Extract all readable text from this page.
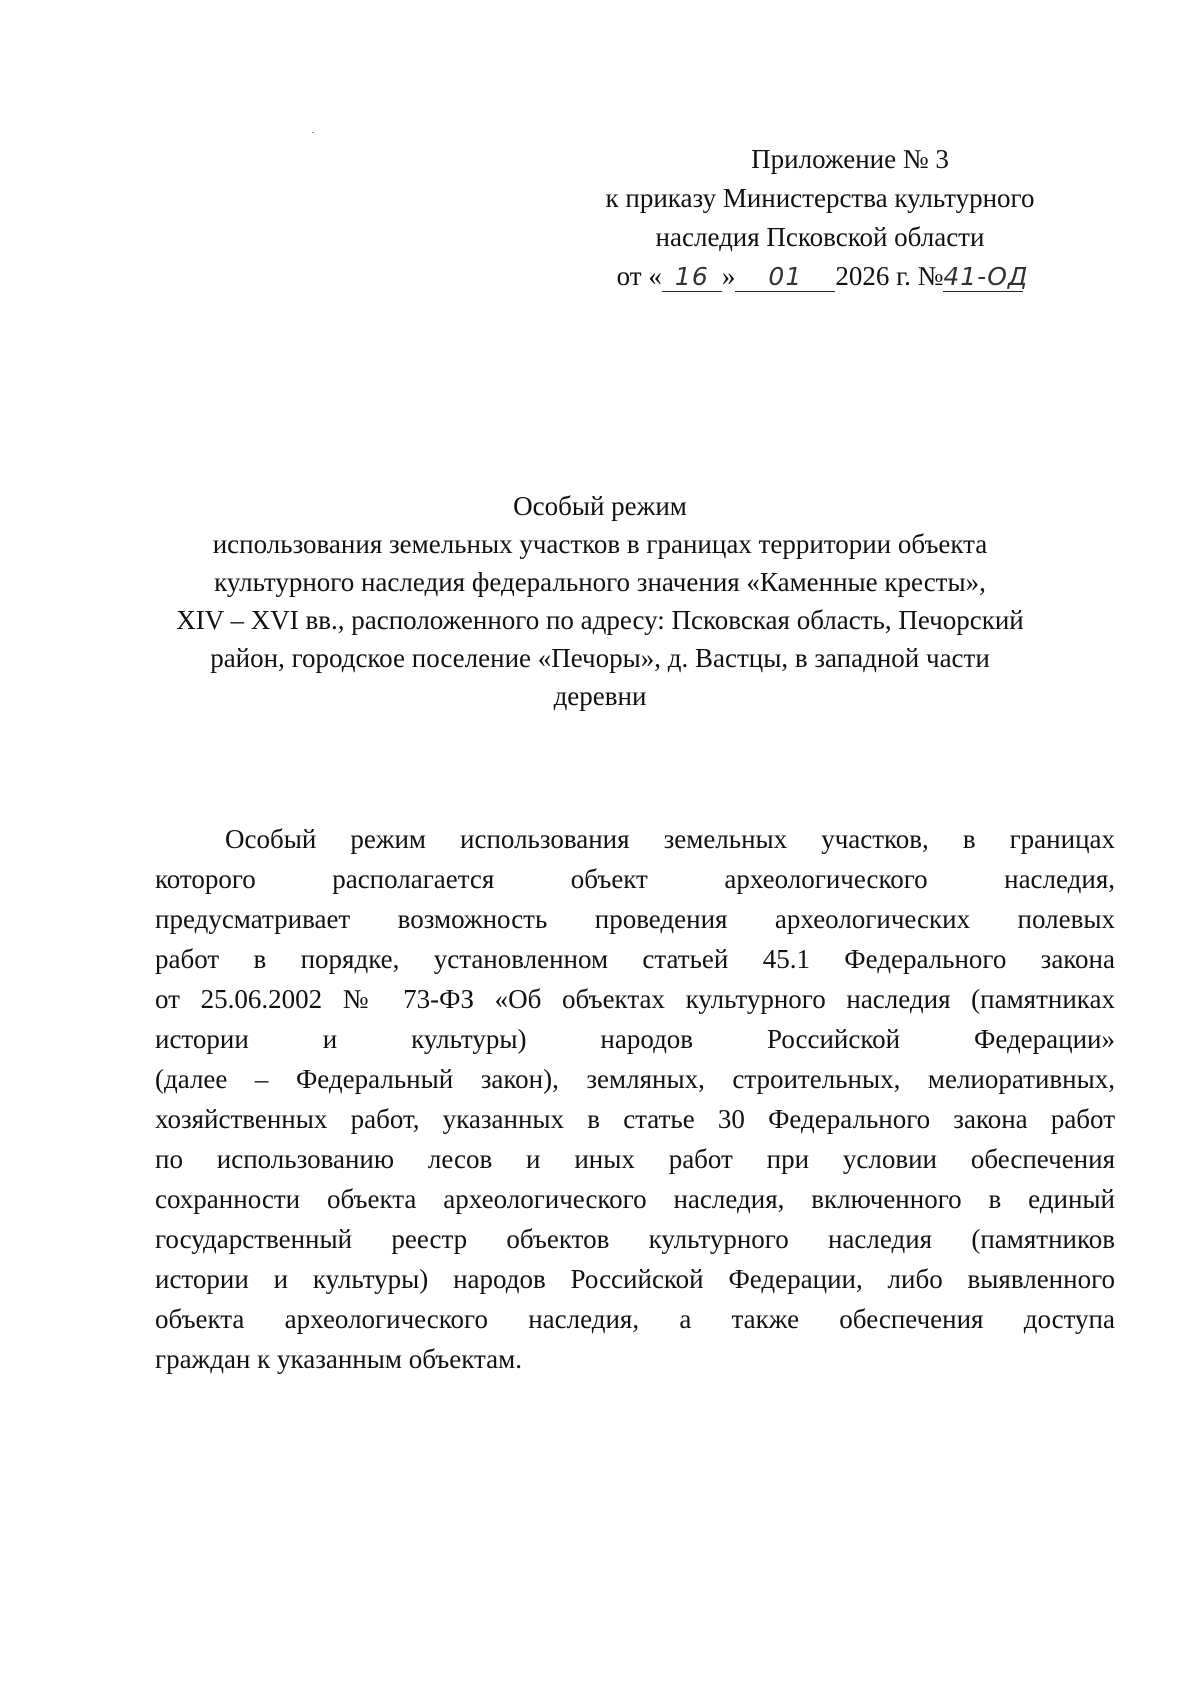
Приложение № 3
к приказу Министерства культурного
наследия Псковской области
от « 16 » 01 2026 г. №41-ОД
Особый режим
использования земельных участков в границах территории объекта
культурного наследия федерального значения «Каменные кресты»,
XIV – XVI вв., расположенного по адресу: Псковская область, Печорский
район, городское поселение «Печоры», д. Вастцы, в западной части
деревни
Особый режим использования земельных участков, в границах
которого располагается объект археологического наследия,
предусматривает возможность проведения археологических полевых
работ в порядке, установленном статьей 45.1 Федерального закона
от 25.06.2002 № 73-ФЗ «Об объектах культурного наследия (памятниках
истории и культуры) народов Российской Федерации»
(далее – Федеральный закон), земляных, строительных, мелиоративных,
хозяйственных работ, указанных в статье 30 Федерального закона работ
по использованию лесов и иных работ при условии обеспечения
сохранности объекта археологического наследия, включенного в единый
государственный реестр объектов культурного наследия (памятников
истории и культуры) народов Российской Федерации, либо выявленного
объекта археологического наследия, а также обеспечения доступа
граждан к указанным объектам.
